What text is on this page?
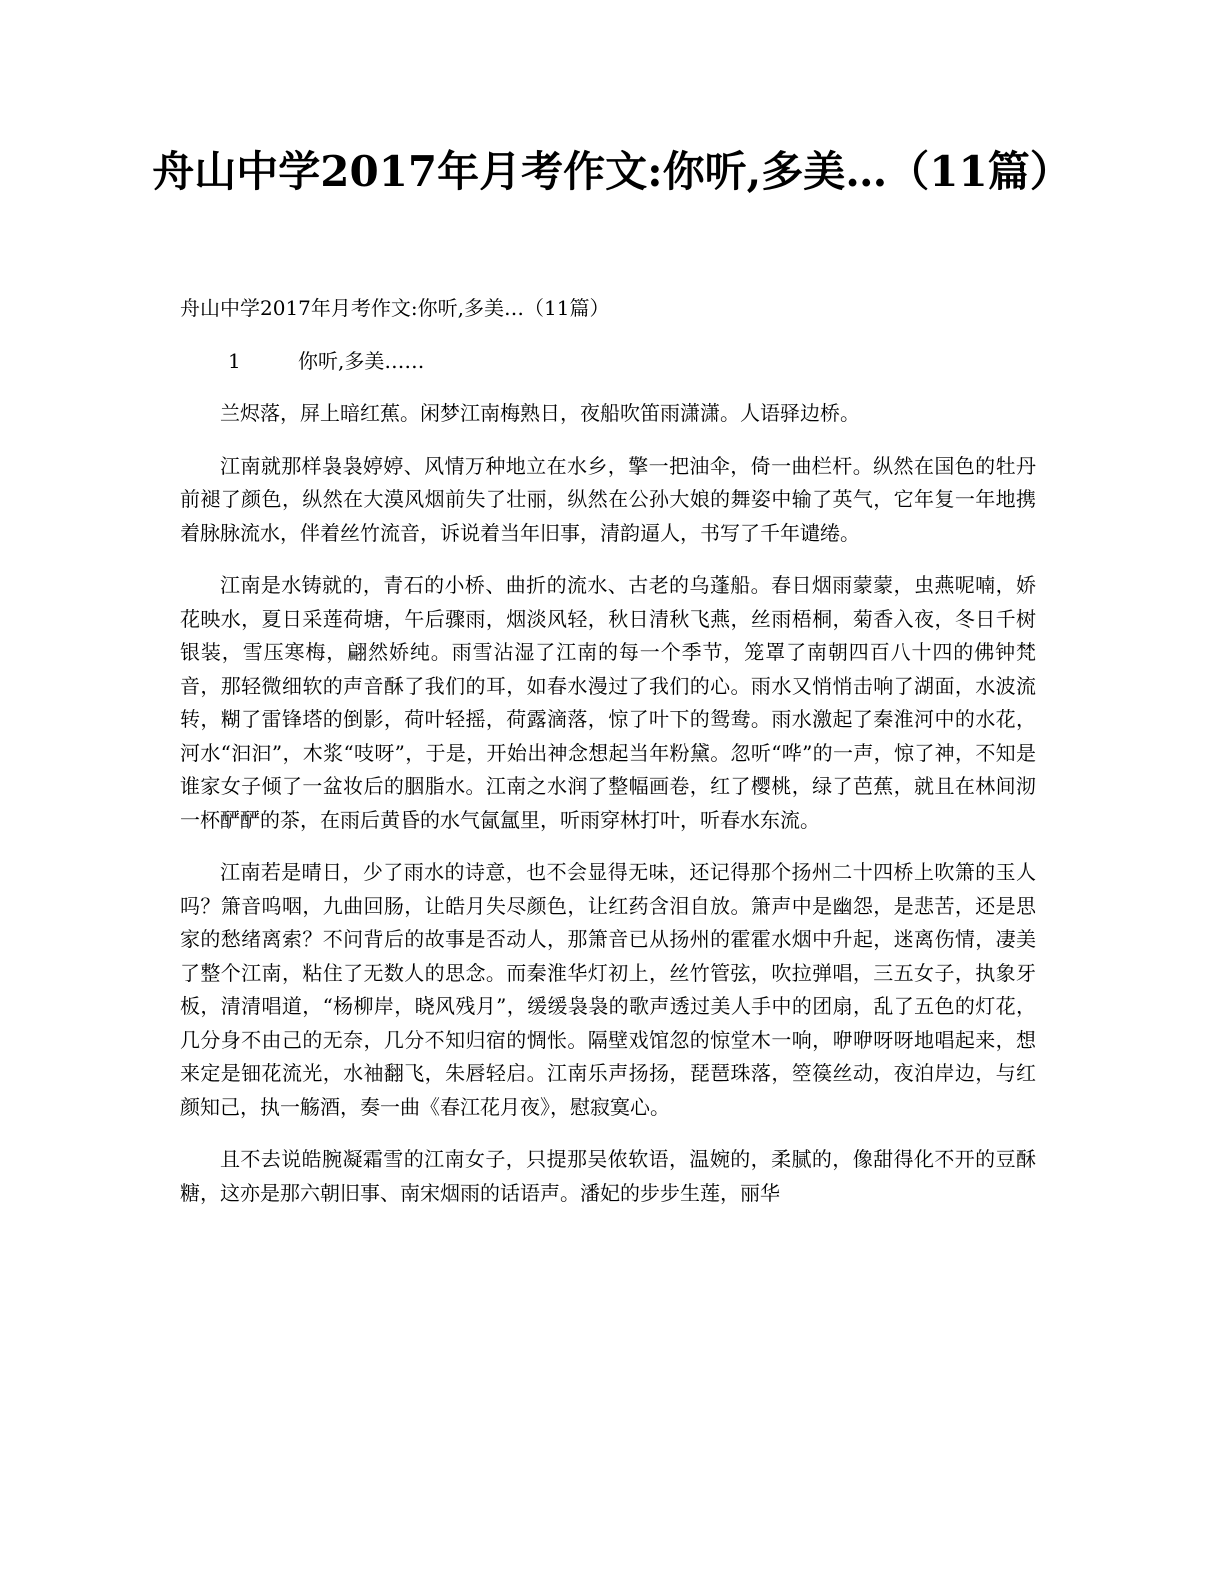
舟山中学2017年月考作文:你听,多美…（11篇）

舟山中学2017年月考作文:你听,多美…（11篇）

1	你听,多美……

兰烬落，屏上暗红蕉。闲梦江南梅熟日，夜船吹笛雨潇潇。人语驿边桥。

江南就那样袅袅婷婷、风情万种地立在水乡，擎一把油伞，倚一曲栏杆。纵然在国色的牡丹前褪了颜色，纵然在大漠风烟前失了壮丽，纵然在公孙大娘的舞姿中输了英气，它年复一年地携着脉脉流水，伴着丝竹流音，诉说着当年旧事，清韵逼人，书写了千年谴绻。

江南是水铸就的，青石的小桥、曲折的流水、古老的乌蓬船。春日烟雨蒙蒙，虫燕呢喃，娇花映水，夏日采莲荷塘，午后骤雨，烟淡风轻，秋日清秋飞燕，丝雨梧桐，菊香入夜，冬日千树银装，雪压寒梅，翩然娇纯。雨雪沾湿了江南的每一个季节，笼罩了南朝四百八十四的佛钟梵音，那轻微细软的声音酥了我们的耳，如春水漫过了我们的心。雨水又悄悄击响了湖面，水波流转，糊了雷锋塔的倒影，荷叶轻摇，荷露滴落，惊了叶下的鸳鸯。雨水激起了秦淮河中的水花，河水“汩汩”，木浆“吱呀”，于是，开始出神念想起当年粉黛。忽听“哗”的一声，惊了神，不知是谁家女子倾了一盆妆后的胭脂水。江南之水润了整幅画卷，红了樱桃，绿了芭蕉，就且在林间沏一杯酽酽的茶，在雨后黄昏的水气氤氲里，听雨穿林打叶，听春水东流。

江南若是晴日，少了雨水的诗意，也不会显得无味，还记得那个扬州二十四桥上吹箫的玉人吗？箫音呜咽，九曲回肠，让皓月失尽颜色，让红药含泪自放。箫声中是幽怨，是悲苦，还是思家的愁绪离索？不问背后的故事是否动人，那箫音已从扬州的霍霍水烟中升起，迷离伤情，凄美了整个江南，粘住了无数人的思念。而秦淮华灯初上，丝竹管弦，吹拉弹唱，三五女子，执象牙板，清清唱道，“杨柳岸，晓风残月”，缓缓袅袅的歌声透过美人手中的团扇，乱了五色的灯花，几分身不由己的无奈，几分不知归宿的惆怅。隔壁戏馆忽的惊堂木一响，咿咿呀呀地唱起来，想来定是钿花流光，水袖翻飞，朱唇轻启。江南乐声扬扬，琵琶珠落，箜篌丝动，夜泊岸边，与红颜知己，执一觞酒，奏一曲《春江花月夜》，慰寂寞心。

且不去说皓腕凝霜雪的江南女子，只提那吴侬软语，温婉的，柔腻的，像甜得化不开的豆酥糖，这亦是那六朝旧事、南宋烟雨的话语声。潘妃的步步生莲，丽华
